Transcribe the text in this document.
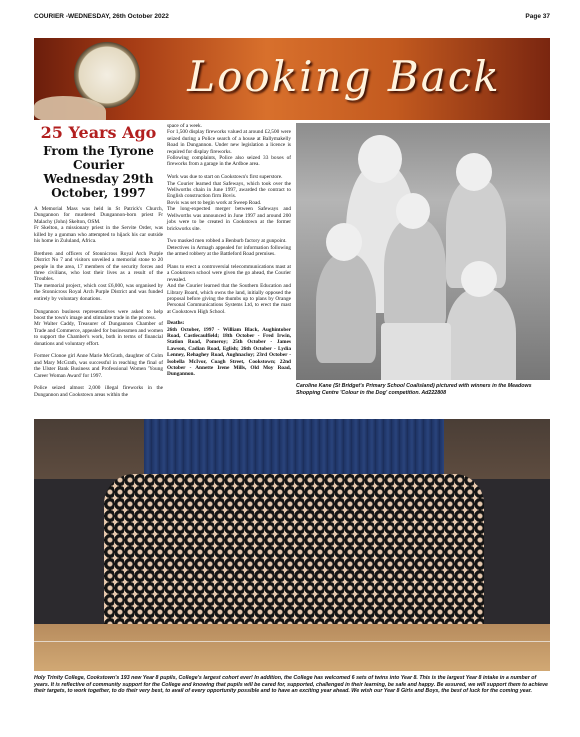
COURIER -WEDNESDAY, 26th October 2022	Page 37
Looking Back
25 Years Ago
From the Tyrone Courier Wednesday 29th October, 1997

A Memorial Mass was held in St Patrick's Church, Dungannon for murdered Dungannon-born priest Fr Malachy (John) Skelton, OSM.
Fr Skelton, a missionary priest in the Servite Order, was killed by a gunman who attempted to hijack his car outside his home in Zululand, Africa.

Brethren and officers of Stonnicross Royal Arch Purple District No 7 and visitors unveiled a memorial stone to 20 people in the area, 17 members of the security forces and three civilians, who lost their lives as a result of the Troubles.
The memorial project, which cost £6,000, was organised by the Stonnicross Royal Arch Purple District and was funded entirely by voluntary donations.

Dungannon business representatives were asked to help boost the town's image and stimulate trade in the process.
Mr Walter Caddy, Treasurer of Dungannon Chamber of Trade and Commerce, appealed for businessmen and women to support the Chamber's work, both in terms of financial donations and voluntary effort.

Former Clonoe girl Anne Marie McGrath, daughter of Colm and Mary McGrath, was successful in reaching the final of the Ulster Bank Business and Professional Women 'Young Career Woman Award' for 1997.

Police seized almost 2,000 illegal fireworks in the Dungannon and Cookstown areas within the

space of a week.
For 1,500 display fireworks valued at around £2,500 were seized during a Police search of a house at Ballymakelly Road in Dungannon. Under new legislation a licence is required for display fireworks.
Following complaints, Police also seized 33 boxes of fireworks from a garage in the Ardboe area.

Work was due to start on Cookstown's first superstore.
The Courier learned that Safeways, which took over the Wellworths chain in June 1997, awarded the contract to English construction firm Bovis.
Bovis was set to begin work at Sweep Road.
The long-expected merger between Safeways and Wellworths was announced in June 1997 and around 200 jobs were to be created in Cookstown at the former brickworks site.

Two masked men robbed a Benburb factory at gunpoint.
Detectives in Armagh appealed for information following the armed robbery at the Battleford Road premises.

Plans to erect a controversial telecommunications mast at a Cookstown school were given the go ahead, the Courier revealed.
And the Courier learned that the Southern Education and Library Board, which owns the land, initially opposed the proposal before giving the thumbs up to plans by Orange Personal Communications Systems Ltd, to erect the mast at Cookstown High School.

Deaths:

26th October, 1997 - William Black, Aughintober Road, Castlecaulfield; 18th October - Fred Irwin, Station Road, Pomeroy; 25th October - James Lawson, Cadian Road, Eglish; 26th October - Lydia Lenney, Rehaghey Road, Aughnacloy; 23rd October - Isobella McIvor, Coagh Street, Cookstown; 22nd October - Annette Irene Mills, Old Moy Road, Dungannon.

Caroline Kane (St Bridget's Primary School Coalisland) pictured with winners in the Meadows Shopping Centre 'Colour in the Dog' competition. Ad222808
Holy Trinity College, Cookstown's 193 new Year 8 pupils, College's largest cohort ever! In addition, the College has welcomed 6 sets of twins into Year 8. This is the largest Year 8 intake in a number of years. It is reflective of community support for the College and knowing that pupils will be cared for, supported, challenged in their learning, be safe and happy. Be assured, we will support them to achieve their targets, to work together, to do their very best, to avail of every opportunity possible and to have an exciting year ahead. We wish our Year 8 Girls and Boys, the best of luck for the coming year.
